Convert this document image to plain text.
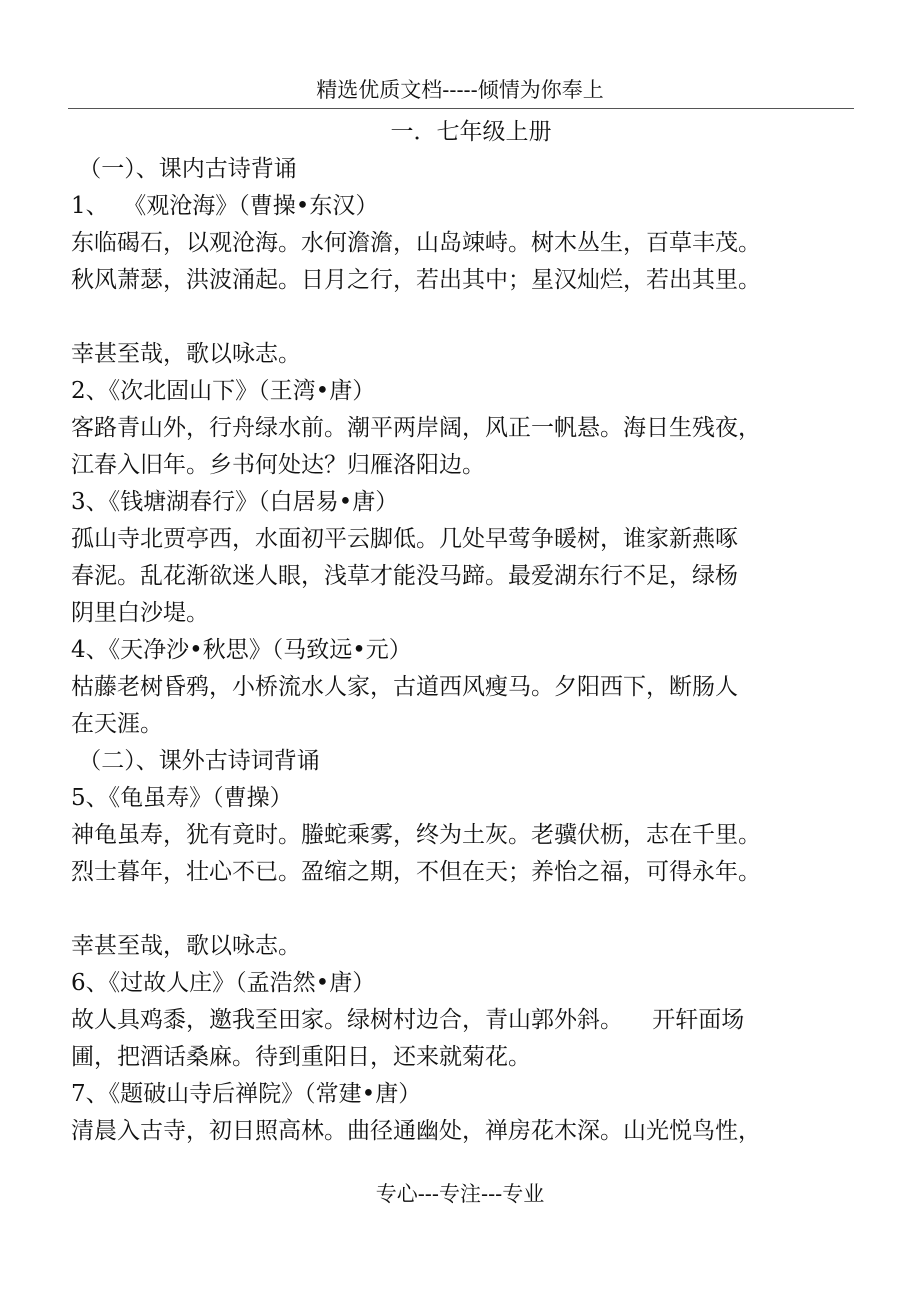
精选优质文档-----倾情为你奉上
一．七年级上册
（一）、课内古诗背诵
1、  《观沧海》（曹操•东汉）
东临碣石，以观沧海。水何澹澹，山岛竦峙。树木丛生，百草丰茂。
秋风萧瑟，洪波涌起。日月之行，若出其中；星汉灿烂，若出其里。
幸甚至哉，歌以咏志。
2、《次北固山下》（王湾•唐）
客路青山外，行舟绿水前。潮平两岸阔，风正一帆悬。海日生残夜，
江春入旧年。乡书何处达？归雁洛阳边。
3、《钱塘湖春行》（白居易•唐）
孤山寺北贾亭西，水面初平云脚低。几处早莺争暖树，谁家新燕啄
春泥。乱花渐欲迷人眼，浅草才能没马蹄。最爱湖东行不足，绿杨
阴里白沙堤。
4、《天净沙•秋思》（马致远•元）
枯藤老树昏鸦，小桥流水人家，古道西风瘦马。夕阳西下，断肠人
在天涯。
（二）、课外古诗词背诵
5、《龟虽寿》（曹操）
神龟虽寿，犹有竟时。螣蛇乘雾，终为土灰。老骥伏枥，志在千里。
烈士暮年，壮心不已。盈缩之期，不但在天；养怡之福，可得永年。
幸甚至哉，歌以咏志。
6、《过故人庄》（孟浩然•唐）
故人具鸡黍，邀我至田家。绿树村边合，青山郭外斜。    开轩面场
圃，把酒话桑麻。待到重阳日，还来就菊花。
7、《题破山寺后禅院》（常建•唐）
清晨入古寺，初日照高林。曲径通幽处，禅房花木深。山光悦鸟性，
专心---专注---专业
